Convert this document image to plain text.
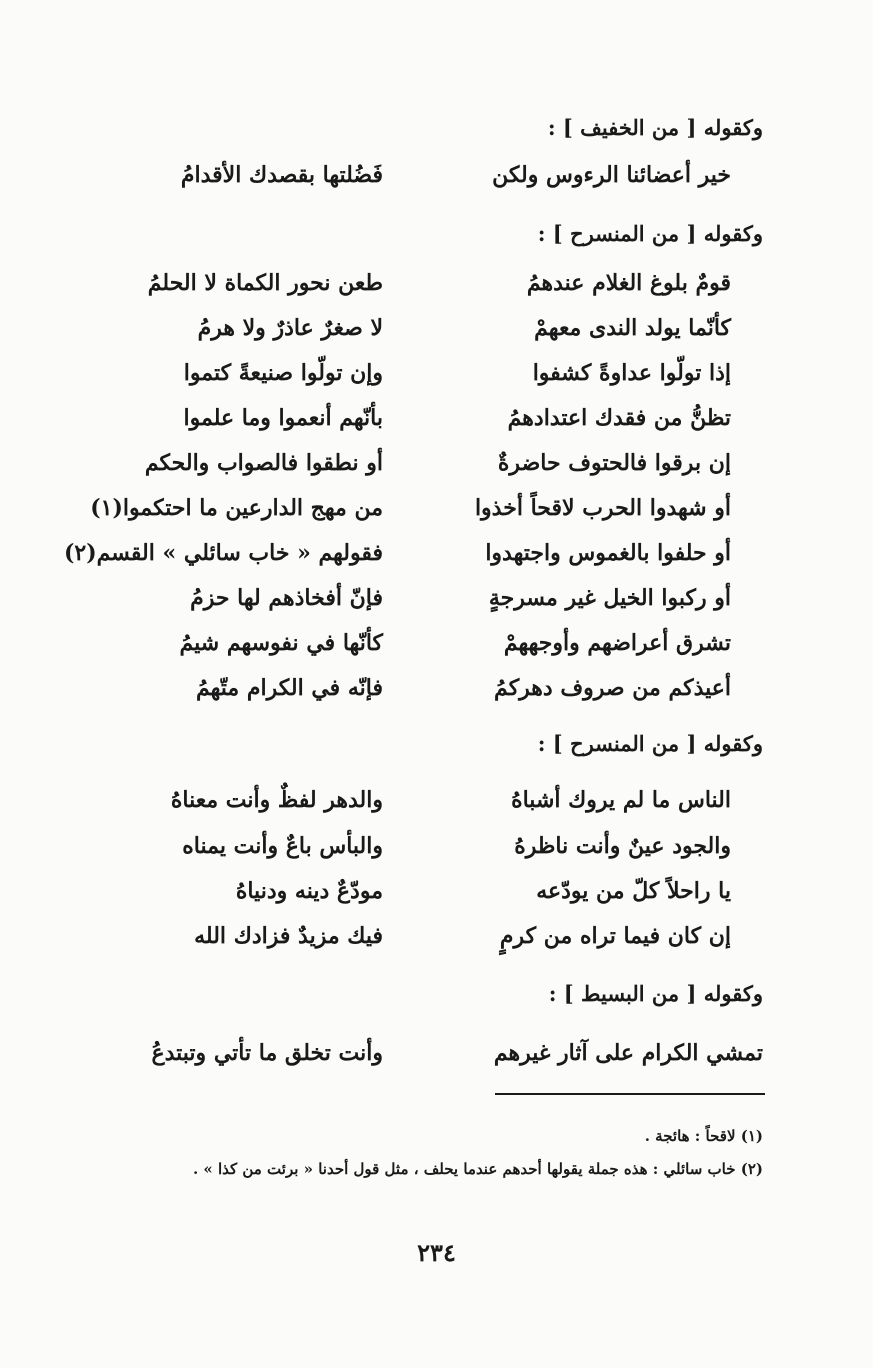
وكقوله [ من الخفيف ] :
خير أعضائنا الرءوس ولكن
فَضُلتها بقصدك الأقدامُ
وكقوله [ من المنسرح ] :
قومٌ بلوغ الغلام عندهمُ
طعن نحور الكماة لا الحلمُ
كأنّما يولد الندى معهمْ
لا صغرٌ عاذرٌ ولا هرمُ
إذا تولّوا عداوةً كشفوا
وإن تولّوا صنيعةً كتموا
تظنُّ من فقدك اعتدادهمُ
بأنّهم أنعموا وما علموا
إن برقوا فالحتوف حاضرةٌ
أو نطقوا فالصواب والحكم
أو شهدوا الحرب لاقحاً أخذوا
من مهج الدارعين ما احتكموا(١)
أو حلفوا بالغموس واجتهدوا
فقولهم « خاب سائلي » القسم(٢)
أو ركبوا الخيل غير مسرجةٍ
فإنّ أفخاذهم لها حزمُ
تشرق أعراضهم وأوجههمْ
كأنّها في نفوسهم شيمُ
أعيذكم من صروف دهركمُ
فإنّه في الكرام متّهمُ
وكقوله [ من المنسرح ] :
الناس ما لم يروك أشباهُ
والدهر لفظٌ وأنت معناهُ
والجود عينٌ وأنت ناظرهُ
والبأس باعٌ وأنت يمناه
يا راحلاً كلّ من يودّعه
مودّعٌ دينه ودنياهُ
إن كان فيما تراه من كرمٍ
فيك مزيدٌ فزادك الله
وكقوله [ من البسيط ] :
تمشي الكرام على آثار غيرهم
وأنت تخلق ما تأتي وتبتدعُ
(١) لاقحاً : هائجة .
(٢) خاب سائلي : هذه جملة يقولها أحدهم عندما يحلف ، مثل قول أحدنا « برئت من كذا » .
٢٣٤
